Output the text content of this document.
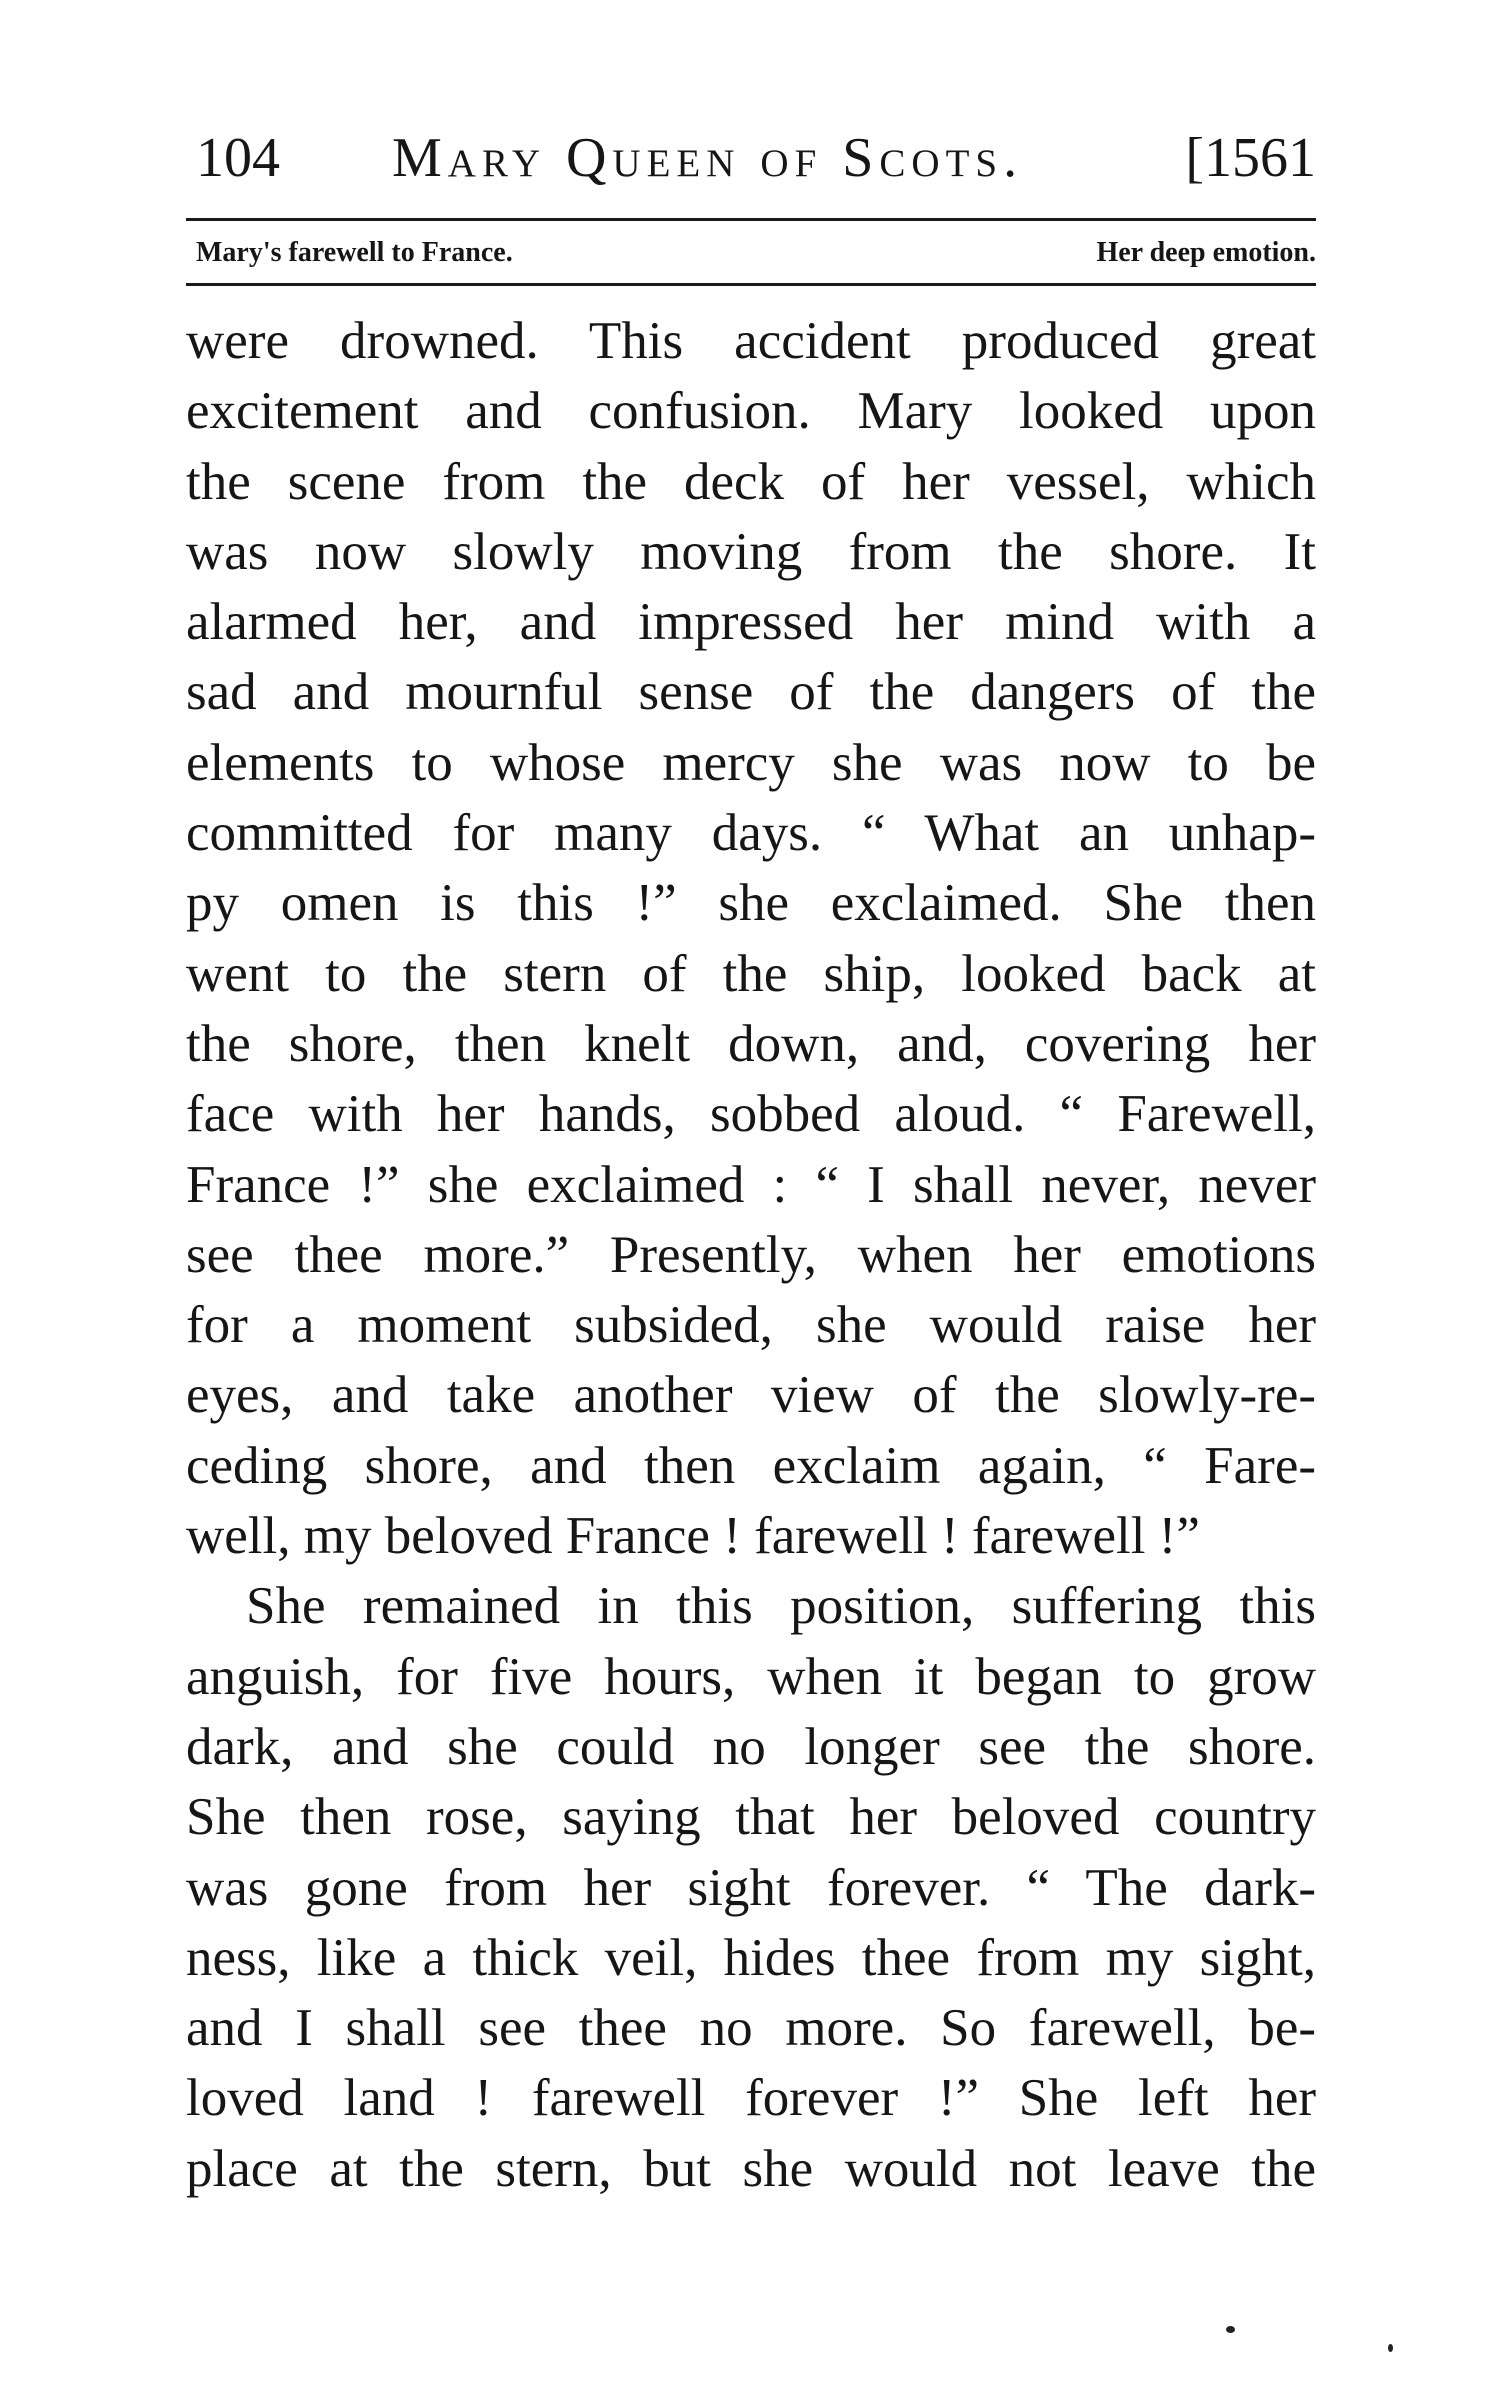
104 Mary Queen of Scots.	[1561
Mary's farewell to France.	Her deep emotion.
were drowned. This accident produced great
excitement and confusion. Mary looked upon
the scene from the deck of her vessel, which
was now slowly moving from the shore. It
alarmed her, and impressed her mind with a
sad and mournful sense of the dangers of the
elements to whose mercy she was now to be
committed for many days. “ What an unhap-
py omen is this !” she exclaimed. She then
went to the stern of the ship, looked back at
the shore, then knelt down, and, covering her
face with her hands, sobbed aloud. “ Farewell,
France !” she exclaimed : “ I shall never, never
see thee more.” Presently, when her emotions
for a moment subsided, she would raise her
eyes, and take another view of the slowly-re-
ceding shore, and then exclaim again, “ Fare-
well, my beloved France ! farewell ! farewell !”
She remained in this position, suffering this
anguish, for five hours, when it began to grow
dark, and she could no longer see the shore.
She then rose, saying that her beloved country
was gone from her sight forever. “ The dark-
ness, like a thick veil, hides thee from my sight,
and I shall see thee no more. So farewell, be-
loved land ! farewell forever !” She left her
place at the stern, but she would not leave the
